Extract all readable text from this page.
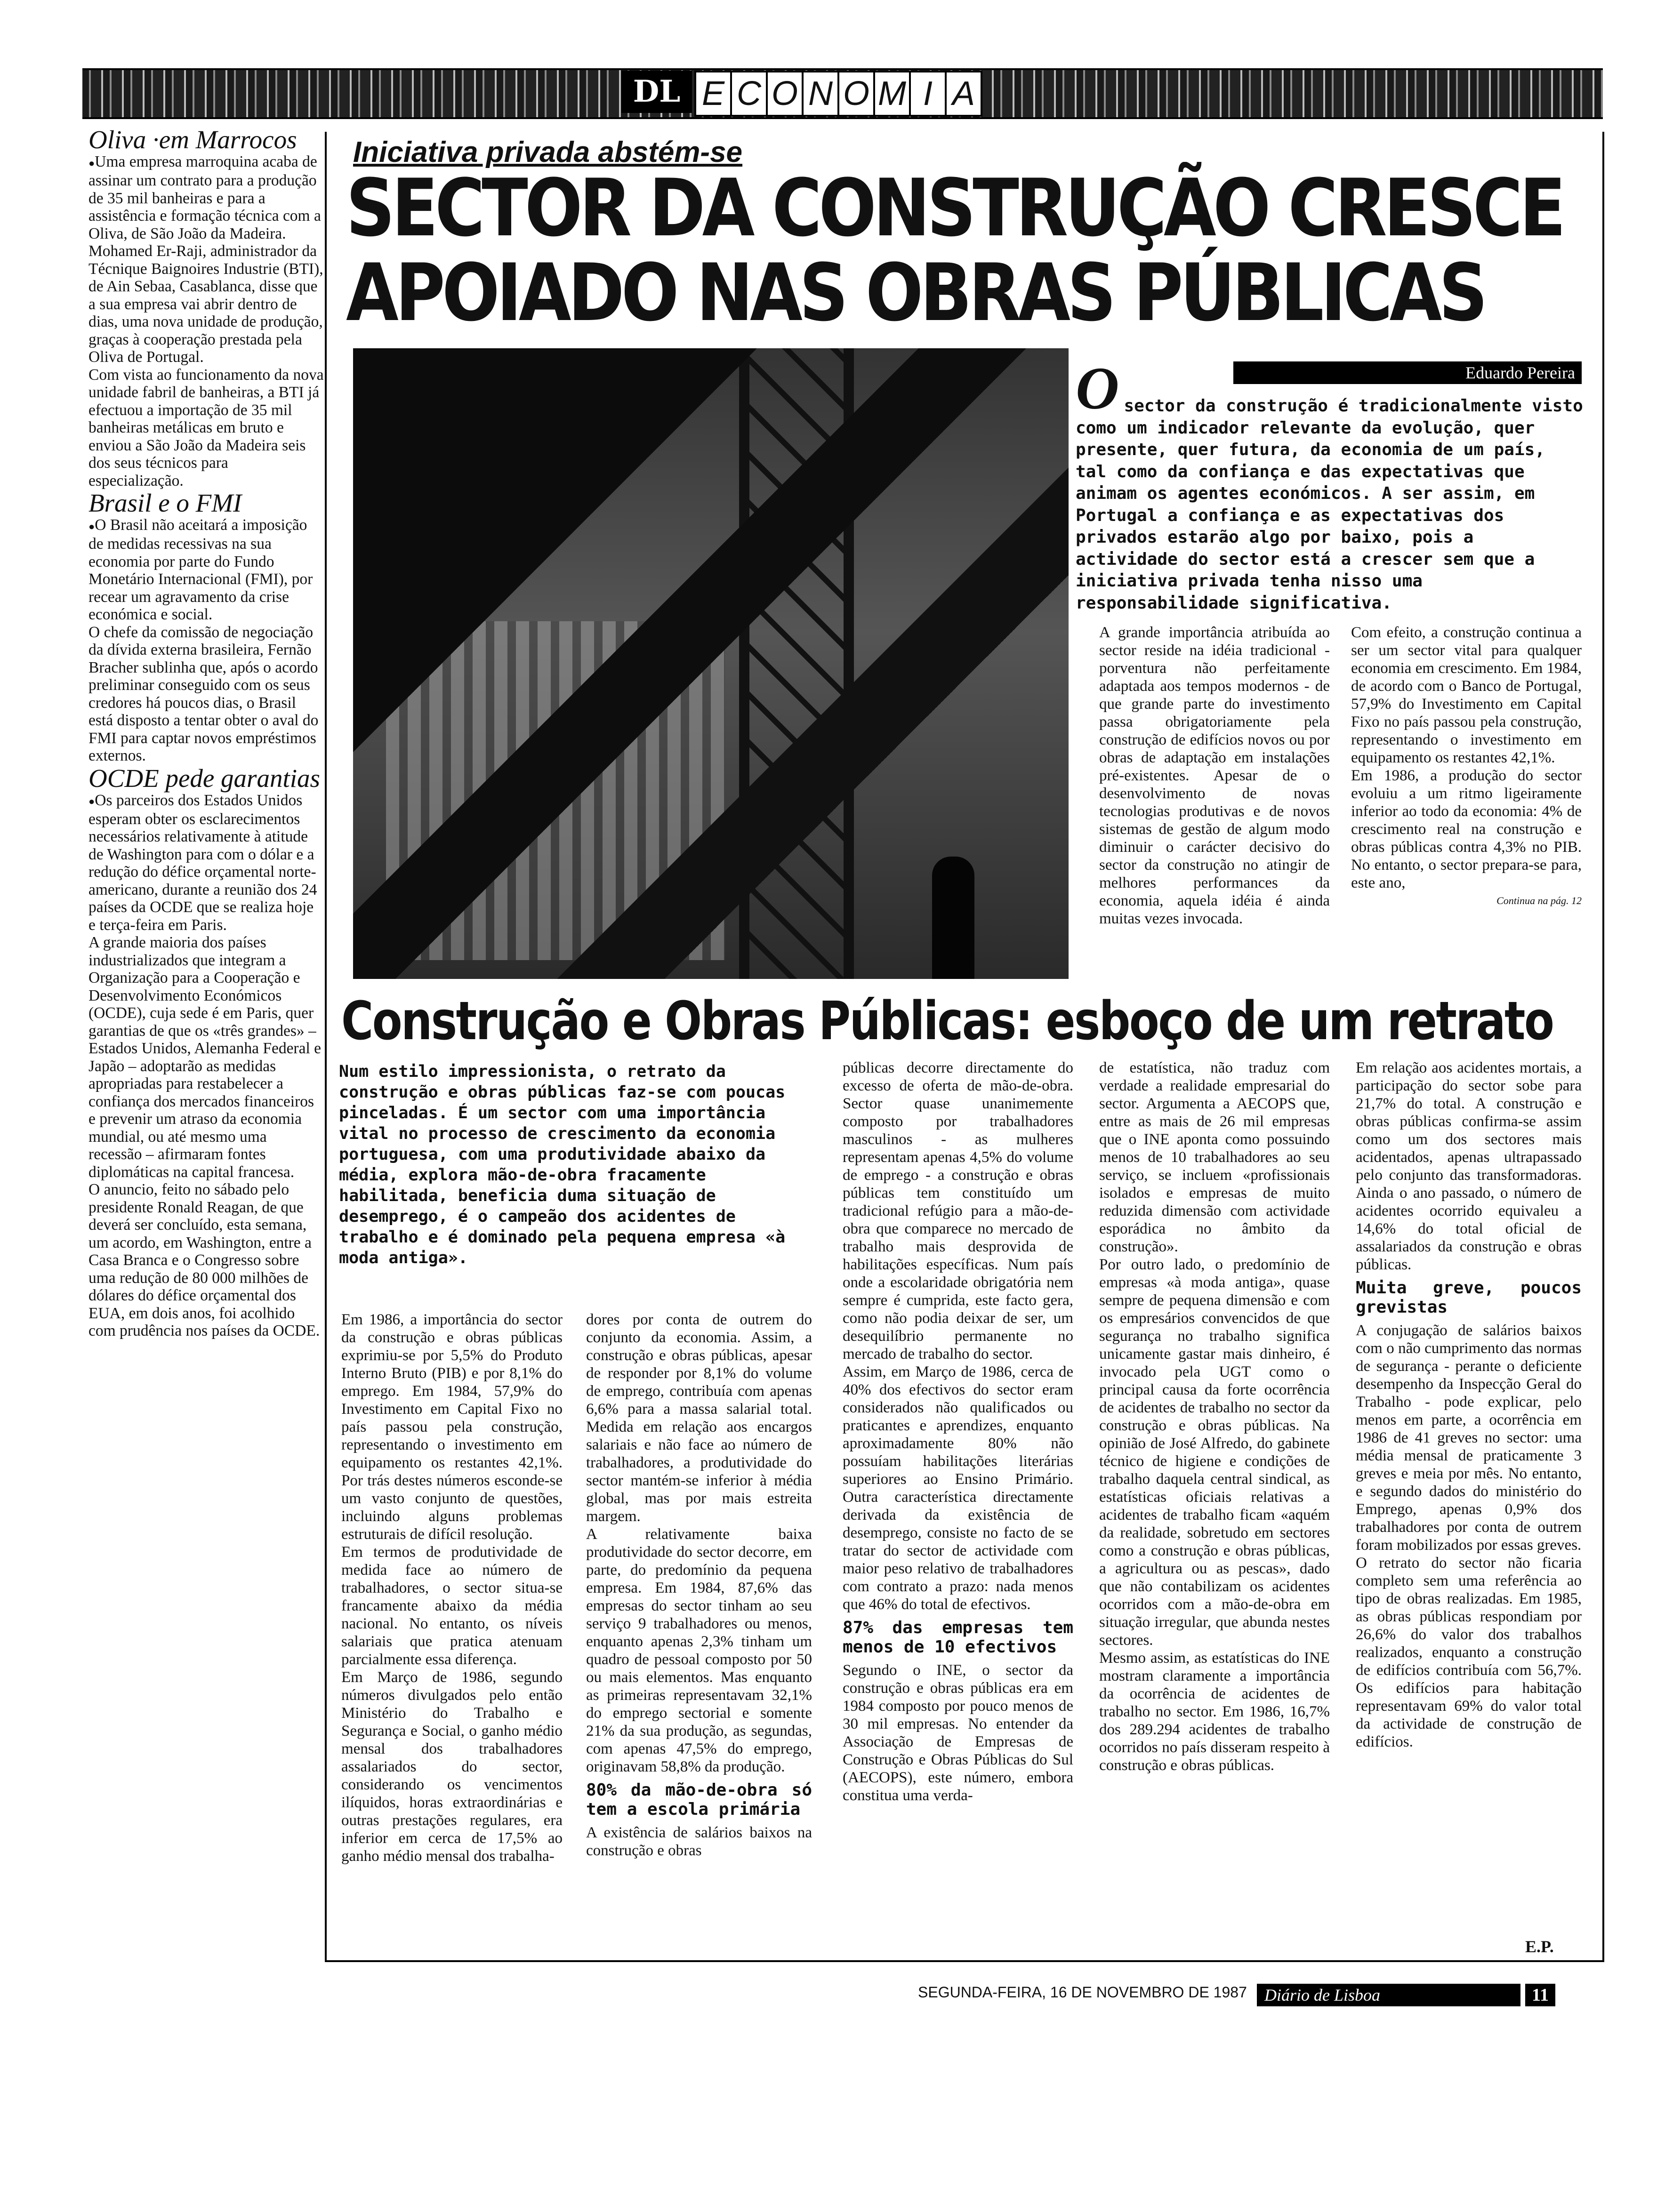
DL E C O N O M I A

Oliva ·em Marrocos

● Uma empresa marroquina acaba de assinar um contrato para a produção de 35 mil banheiras e para a assistência e formação técnica com a Oliva, de São João da Madeira.

Mohamed Er-Raji, administrador da Técnique Baignoires Industrie (BTI), de Ain Sebaa, Casablanca, disse que a sua empresa vai abrir dentro de dias, uma nova unidade de produção, graças à cooperação prestada pela Oliva de Portugal.

Com vista ao funcionamento da nova unidade fabril de banheiras, a BTI já efectuou a importação de 35 mil banheiras metálicas em bruto e enviou a São João da Madeira seis dos seus técnicos para especialização.

Brasil e o FMI

● O Brasil não aceitará a imposição de medidas recessivas na sua economia por parte do Fundo Monetário Internacional (FMI), por recear um agravamento da crise económica e social.

O chefe da comissão de negociação da dívida externa brasileira, Fernão Bracher sublinha que, após o acordo preliminar conseguido com os seus credores há poucos dias, o Brasil está disposto a tentar obter o aval do FMI para captar novos empréstimos externos.

OCDE pede garantias

● Os parceiros dos Estados Unidos esperam obter os esclarecimentos necessários relativamente à atitude de Washington para com o dólar e a redução do défice orçamental norte-americano, durante a reunião dos 24 países da OCDE que se realiza hoje e terça-feira em Paris.

A grande maioria dos países industrializados que integram a Organização para a Cooperação e Desenvolvimento Económicos (OCDE), cuja sede é em Paris, quer garantias de que os «três grandes» – Estados Unidos, Alemanha Federal e Japão – adoptarão as medidas apropriadas para restabelecer a confiança dos mercados financeiros e prevenir um atraso da economia mundial, ou até mesmo uma recessão – afirmaram fontes diplomáticas na capital francesa.

O anuncio, feito no sábado pelo presidente Ronald Reagan, de que deverá ser concluído, esta semana, um acordo, em Washington, entre a Casa Branca e o Congresso sobre uma redução de 80 000 milhões de dólares do défice orçamental dos EUA, em dois anos, foi acolhido com prudência nos países da OCDE.

Iniciativa privada abstém-se
SECTOR DA CONSTRUÇÃO CRESCE
APOIADO NAS OBRAS PÚBLICAS
Eduardo Pereira
O sector da construção é tradicionalmente visto como um indicador relevante da evolução, quer presente, quer futura, da economia de um país, tal como da confiança e das expectativas que animam os agentes económicos. A ser assim, em Portugal a confiança e as expectativas dos privados estarão algo por baixo, pois a actividade do sector está a crescer sem que a iniciativa privada tenha nisso uma responsabilidade significativa.

A grande importância atribuída ao sector reside na idéia tradicional - porventura não perfeitamente adaptada aos tempos modernos - de que grande parte do investimento passa obrigatoriamente pela construção de edifícios novos ou por obras de adaptação em instalações pré-existentes. Apesar de o desenvolvimento de novas tecnologias produtivas e de novos sistemas de gestão de algum modo diminuir o carácter decisivo do sector da construção no atingir de melhores performances da economia, aquela idéia é ainda muitas vezes invocada.

Com efeito, a construção continua a ser um sector vital para qualquer economia em crescimento. Em 1984, de acordo com o Banco de Portugal, 57,9% do Investimento em Capital Fixo no país passou pela construção, representando o investimento em equipamento os restantes 42,1%.

Em 1986, a produção do sector evoluiu a um ritmo ligeiramente inferior ao todo da economia: 4% de crescimento real na construção e obras públicas contra 4,3% no PIB. No entanto, o sector prepara-se para, este ano,

Continua na pág. 12
Construção e Obras Públicas: esboço de um retrato
Num estilo impressionista, o retrato da construção e obras públicas faz-se com poucas pinceladas. É um sector com uma importância vital no processo de crescimento da economia portuguesa, com uma produtividade abaixo da média, explora mão-de-obra fracamente habilitada, beneficia duma situação de desemprego, é o campeão dos acidentes de trabalho e é dominado pela pequena empresa «à moda antiga».

Em 1986, a importância do sector da construção e obras públicas exprimiu-se por 5,5% do Produto Interno Bruto (PIB) e por 8,1% do emprego. Em 1984, 57,9% do Investimento em Capital Fixo no país passou pela construção, representando o investimento em equipamento os restantes 42,1%. Por trás destes números esconde-se um vasto conjunto de questões, incluindo alguns problemas estruturais de difícil resolução.

Em termos de produtividade de medida face ao número de trabalhadores, o sector situa-se francamente abaixo da média nacional. No entanto, os níveis salariais que pratica atenuam parcialmente essa diferença.

Em Março de 1986, segundo números divulgados pelo então Ministério do Trabalho e Segurança e Social, o ganho médio mensal dos trabalhadores assalariados do sector, considerando os vencimentos ilíquidos, horas extraordinárias e outras prestações regulares, era inferior em cerca de 17,5% ao ganho médio mensal dos trabalha-

dores por conta de outrem do conjunto da economia. Assim, a construção e obras públicas, apesar de responder por 8,1% do volume de emprego, contribuía com apenas 6,6% para a massa salarial total. Medida em relação aos encargos salariais e não face ao número de trabalhadores, a produtividade do sector mantém-se inferior à média global, mas por mais estreita margem.

A relativamente baixa produtividade do sector decorre, em parte, do predomínio da pequena empresa. Em 1984, 87,6% das empresas do sector tinham ao seu serviço 9 trabalhadores ou menos, enquanto apenas 2,3% tinham um quadro de pessoal composto por 50 ou mais elementos. Mas enquanto as primeiras representavam 32,1% do emprego sectorial e somente 21% da sua produção, as segundas, com apenas 47,5% do emprego, originavam 58,8% da produção.

80% da mão-de-obra só tem a escola primária

A existência de salários baixos na construção e obras

públicas decorre directamente do excesso de oferta de mão-de-obra. Sector quase unanimemente composto por trabalhadores masculinos - as mulheres representam apenas 4,5% do volume de emprego - a construção e obras públicas tem constituído um tradicional refúgio para a mão-de-obra que comparece no mercado de trabalho mais desprovida de habilitações específicas. Num país onde a escolaridade obrigatória nem sempre é cumprida, este facto gera, como não podia deixar de ser, um desequilíbrio permanente no mercado de trabalho do sector.

Assim, em Março de 1986, cerca de 40% dos efectivos do sector eram considerados não qualificados ou praticantes e aprendizes, enquanto aproximadamente 80% não possuíam habilitações literárias superiores ao Ensino Primário. Outra característica directamente derivada da existência de desemprego, consiste no facto de se tratar do sector de actividade com maior peso relativo de trabalhadores com contrato a prazo: nada menos que 46% do total de efectivos.

87% das empresas tem menos de 10 efectivos

Segundo o INE, o sector da construção e obras públicas era em 1984 composto por pouco menos de 30 mil empresas. No entender da Associação de Empresas de Construção e Obras Públicas do Sul (AECOPS), este número, embora constitua uma verda-

de estatística, não traduz com verdade a realidade empresarial do sector. Argumenta a AECOPS que, entre as mais de 26 mil empresas que o INE aponta como possuindo menos de 10 trabalhadores ao seu serviço, se incluem «profissionais isolados e empresas de muito reduzida dimensão com actividade esporádica no âmbito da construção».

Por outro lado, o predomínio de empresas «à moda antiga», quase sempre de pequena dimensão e com os empresários convencidos de que segurança no trabalho significa unicamente gastar mais dinheiro, é invocado pela UGT como o principal causa da forte ocorrência de acidentes de trabalho no sector da construção e obras públicas. Na opinião de José Alfredo, do gabinete técnico de higiene e condições de trabalho daquela central sindical, as estatísticas oficiais relativas a acidentes de trabalho ficam «aquém da realidade, sobretudo em sectores como a construção e obras públicas, a agricultura ou as pescas», dado que não contabilizam os acidentes ocorridos com a mão-de-obra em situação irregular, que abunda nestes sectores.

Mesmo assim, as estatísticas do INE mostram claramente a importância da ocorrência de acidentes de trabalho no sector. Em 1986, 16,7% dos 289.294 acidentes de trabalho ocorridos no país disseram respeito à construção e obras públicas.

Em relação aos acidentes mortais, a participação do sector sobe para 21,7% do total. A construção e obras públicas confirma-se assim como um dos sectores mais acidentados, apenas ultrapassado pelo conjunto das transformadoras. Ainda o ano passado, o número de acidentes ocorrido equivaleu a 14,6% do total oficial de assalariados da construção e obras públicas.

Muita greve, poucos grevistas

A conjugação de salários baixos com o não cumprimento das normas de segurança - perante o deficiente desempenho da Inspecção Geral do Trabalho - pode explicar, pelo menos em parte, a ocorrência em 1986 de 41 greves no sector: uma média mensal de praticamente 3 greves e meia por mês. No entanto, e segundo dados do ministério do Emprego, apenas 0,9% dos trabalhadores por conta de outrem foram mobilizados por essas greves.

O retrato do sector não ficaria completo sem uma referência ao tipo de obras realizadas. Em 1985, as obras públicas respondiam por 26,6% do valor dos trabalhos realizados, enquanto a construção de edifícios contribuía com 56,7%. Os edifícios para habitação representavam 69% do valor total da actividade de construção de edifícios.

E.P.
SEGUNDA-FEIRA, 16 DE NOVEMBRO DE 1987	Diário de Lisboa	11
